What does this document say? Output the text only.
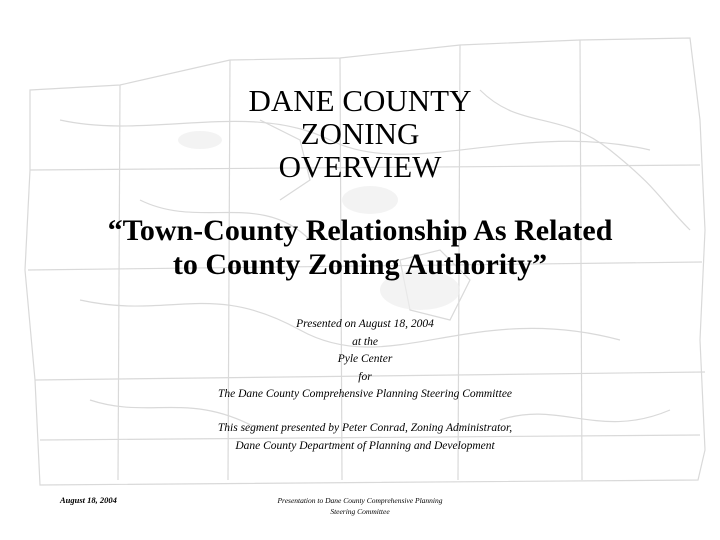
DANE COUNTY
ZONING
OVERVIEW
“Town-County Relationship As Related
to County Zoning Authority”
Presented on August 18, 2004
at the
Pyle Center
for
The Dane County Comprehensive Planning Steering Committee
This segment presented by Peter Conrad, Zoning Administrator,
Dane County Department of Planning and Development
August 18, 2004	Presentation to Dane County Comprehensive Planning
Steering Committee
